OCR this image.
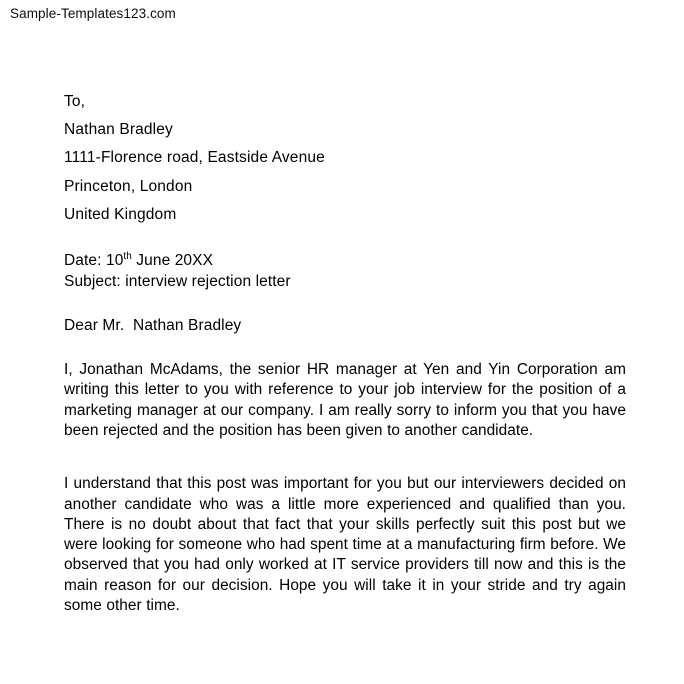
Sample-Templates123.com
To,
Nathan Bradley
1111-Florence road, Eastside Avenue
Princeton, London
United Kingdom
Date: 10th June 20XX
Subject: interview rejection letter
Dear Mr.  Nathan Bradley

I, Jonathan McAdams, the senior HR manager at Yen and Yin Corporation am writing this letter to you with reference to your job interview for the position of a marketing manager at our company. I am really sorry to inform you that you have been rejected and the position has been given to another candidate.

I understand that this post was important for you but our interviewers decided on another candidate who was a little more experienced and qualified than you. There is no doubt about that fact that your skills perfectly suit this post but we were looking for someone who had spent time at a manufacturing firm before. We observed that you had only worked at IT service providers till now and this is the main reason for our decision. Hope you will take it in your stride and try again some other time.
